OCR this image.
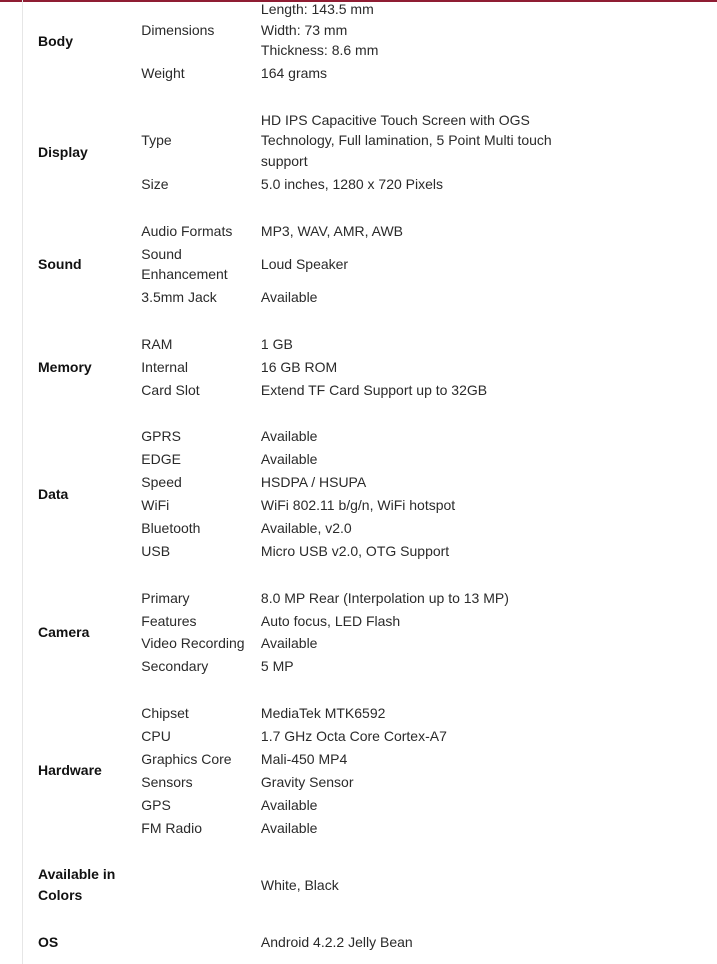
Body	Dimensions	Length: 143.5 mm
Width: 73 mm
Thickness: 8.6 mm

	Weight	164 grams

Display	Type	HD IPS Capacitive Touch Screen with OGS Technology, Full lamination, 5 Point Multi touch support

	Size	5.0 inches, 1280 x 720 Pixels

Sound	Audio Formats	MP3, WAV, AMR, AWB

	Sound Enhancement	Loud Speaker

	3.5mm Jack	Available

Memory	RAM	1 GB

	Internal	16 GB ROM

	Card Slot	Extend TF Card Support up to 32GB

Data	GPRS	Available

	EDGE	Available

	Speed	HSDPA / HSUPA

	WiFi	WiFi 802.11 b/g/n, WiFi hotspot

	Bluetooth	Available, v2.0

	USB	Micro USB v2.0, OTG Support

Camera	Primary	8.0 MP Rear (Interpolation up to 13 MP)

	Features	Auto focus, LED Flash

	Video Recording	Available

	Secondary	5 MP

Hardware	Chipset	MediaTek MTK6592

	CPU	1.7 GHz Octa Core Cortex-A7

	Graphics Core	Mali-450 MP4

	Sensors	Gravity Sensor

	GPS	Available

	FM Radio	Available

Available in Colors		White, Black

OS		Android 4.2.2 Jelly Bean
